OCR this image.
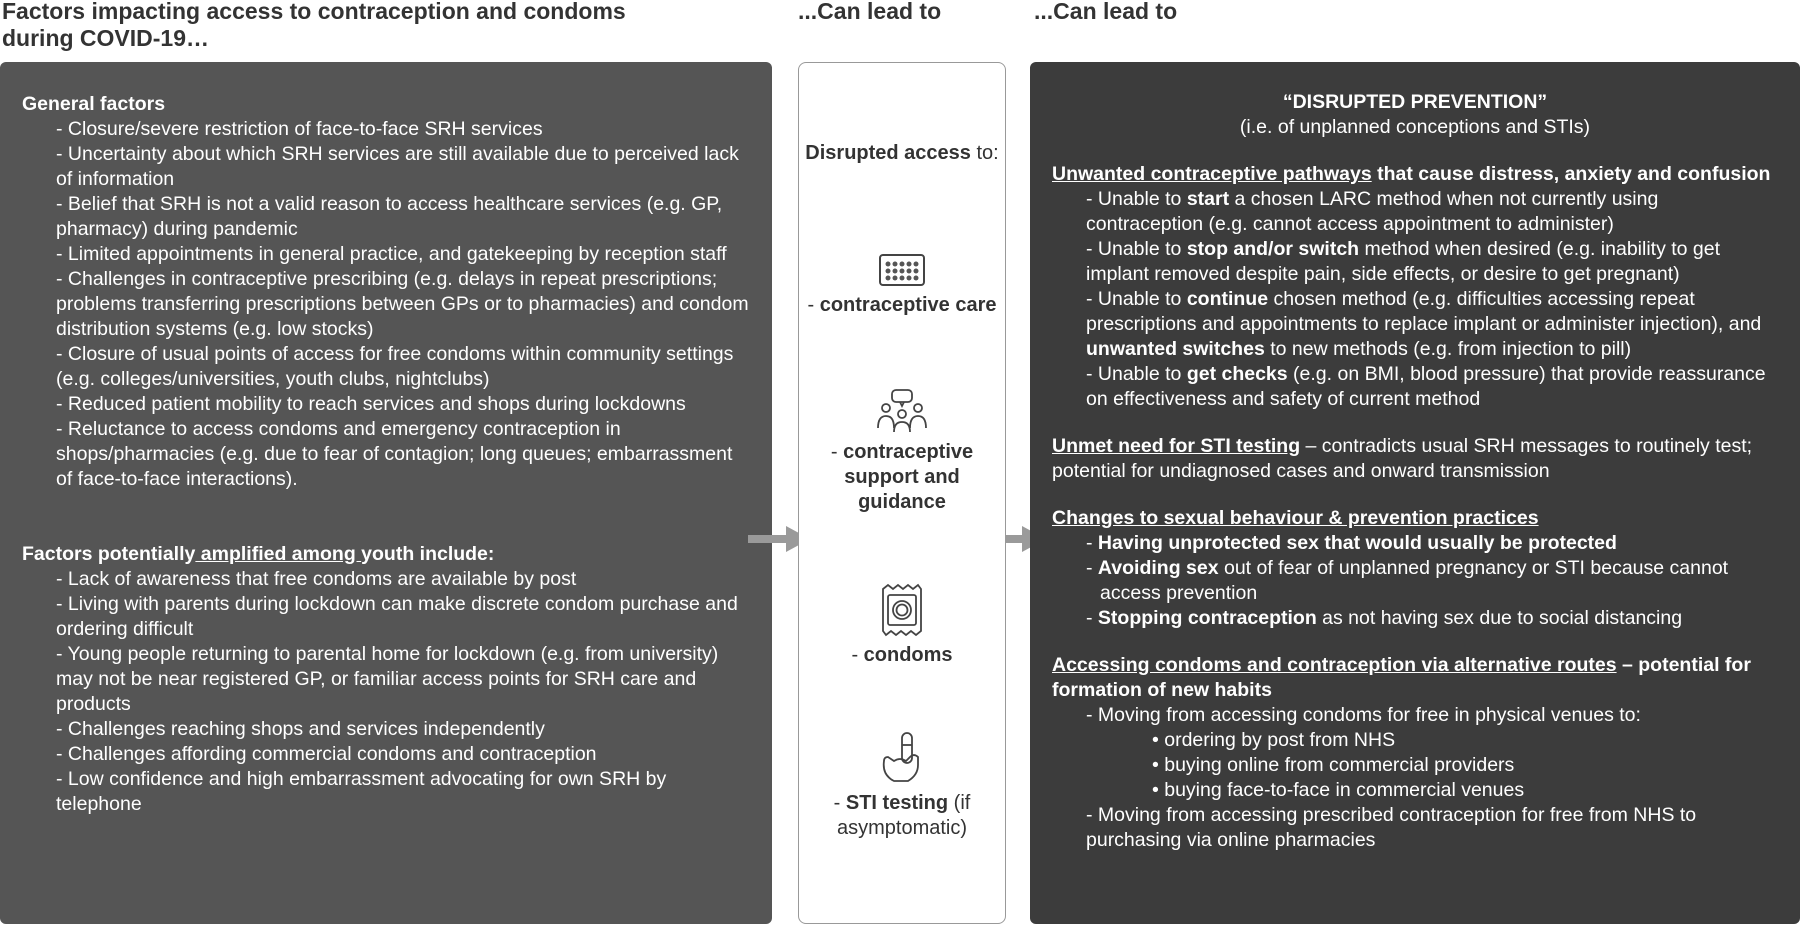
Factors impacting access to contraception and condoms during COVID-19…
...Can lead to	...Can lead to
General factors
- Closure/severe restriction of face-to-face SRH services
- Uncertainty about which SRH services are still available due to perceived lack of information
- Belief that SRH is not a valid reason to access healthcare services (e.g. GP, pharmacy) during pandemic
- Limited appointments in general practice, and gatekeeping by reception staff
- Challenges in contraceptive prescribing (e.g. delays in repeat prescriptions; problems transferring prescriptions between GPs or to pharmacies) and condom distribution systems (e.g. low stocks)
- Closure of usual points of access for free condoms within community settings (e.g. colleges/universities, youth clubs, nightclubs)
- Reduced patient mobility to reach services and shops during lockdowns
- Reluctance to access condoms and emergency contraception in shops/pharmacies (e.g. due to fear of contagion; long queues; embarrassment of face-to-face interactions).
Factors potentially amplified among youth include:
- Lack of awareness that free condoms are available by post
- Living with parents during lockdown can make discrete condom purchase and ordering difficult
- Young people returning to parental home for lockdown (e.g. from university) may not be near registered GP, or familiar access points for SRH care and products
- Challenges reaching shops and services independently
- Challenges affording commercial condoms and contraception
- Low confidence and high embarrassment advocating for own SRH by telephone
Disrupted access to:
- contraceptive care
- contraceptive support and guidance
- condoms
- STI testing (if asymptomatic)
“DISRUPTED PREVENTION”
(i.e. of unplanned conceptions and STIs)
Unwanted contraceptive pathways that cause distress, anxiety and confusion
- Unable to start a chosen LARC method when not currently using contraception (e.g. cannot access appointment to administer)
- Unable to stop and/or switch method when desired (e.g. inability to get implant removed despite pain, side effects, or desire to get pregnant)
- Unable to continue chosen method (e.g. difficulties accessing repeat prescriptions and appointments to replace implant or administer injection), and unwanted switches to new methods (e.g. from injection to pill)
- Unable to get checks (e.g. on BMI, blood pressure) that provide reassurance on effectiveness and safety of current method
Unmet need for STI testing – contradicts usual SRH messages to routinely test; potential for undiagnosed cases and onward transmission
Changes to sexual behaviour & prevention practices
- Having unprotected sex that would usually be protected
- Avoiding sex out of fear of unplanned pregnancy or STI because cannot access prevention
- Stopping contraception as not having sex due to social distancing
Accessing condoms and contraception via alternative routes – potential for formation of new habits
- Moving from accessing condoms for free in physical venues to:
• ordering by post from NHS
• buying online from commercial providers
• buying face-to-face in commercial venues
- Moving from accessing prescribed contraception for free from NHS to purchasing via online pharmacies
